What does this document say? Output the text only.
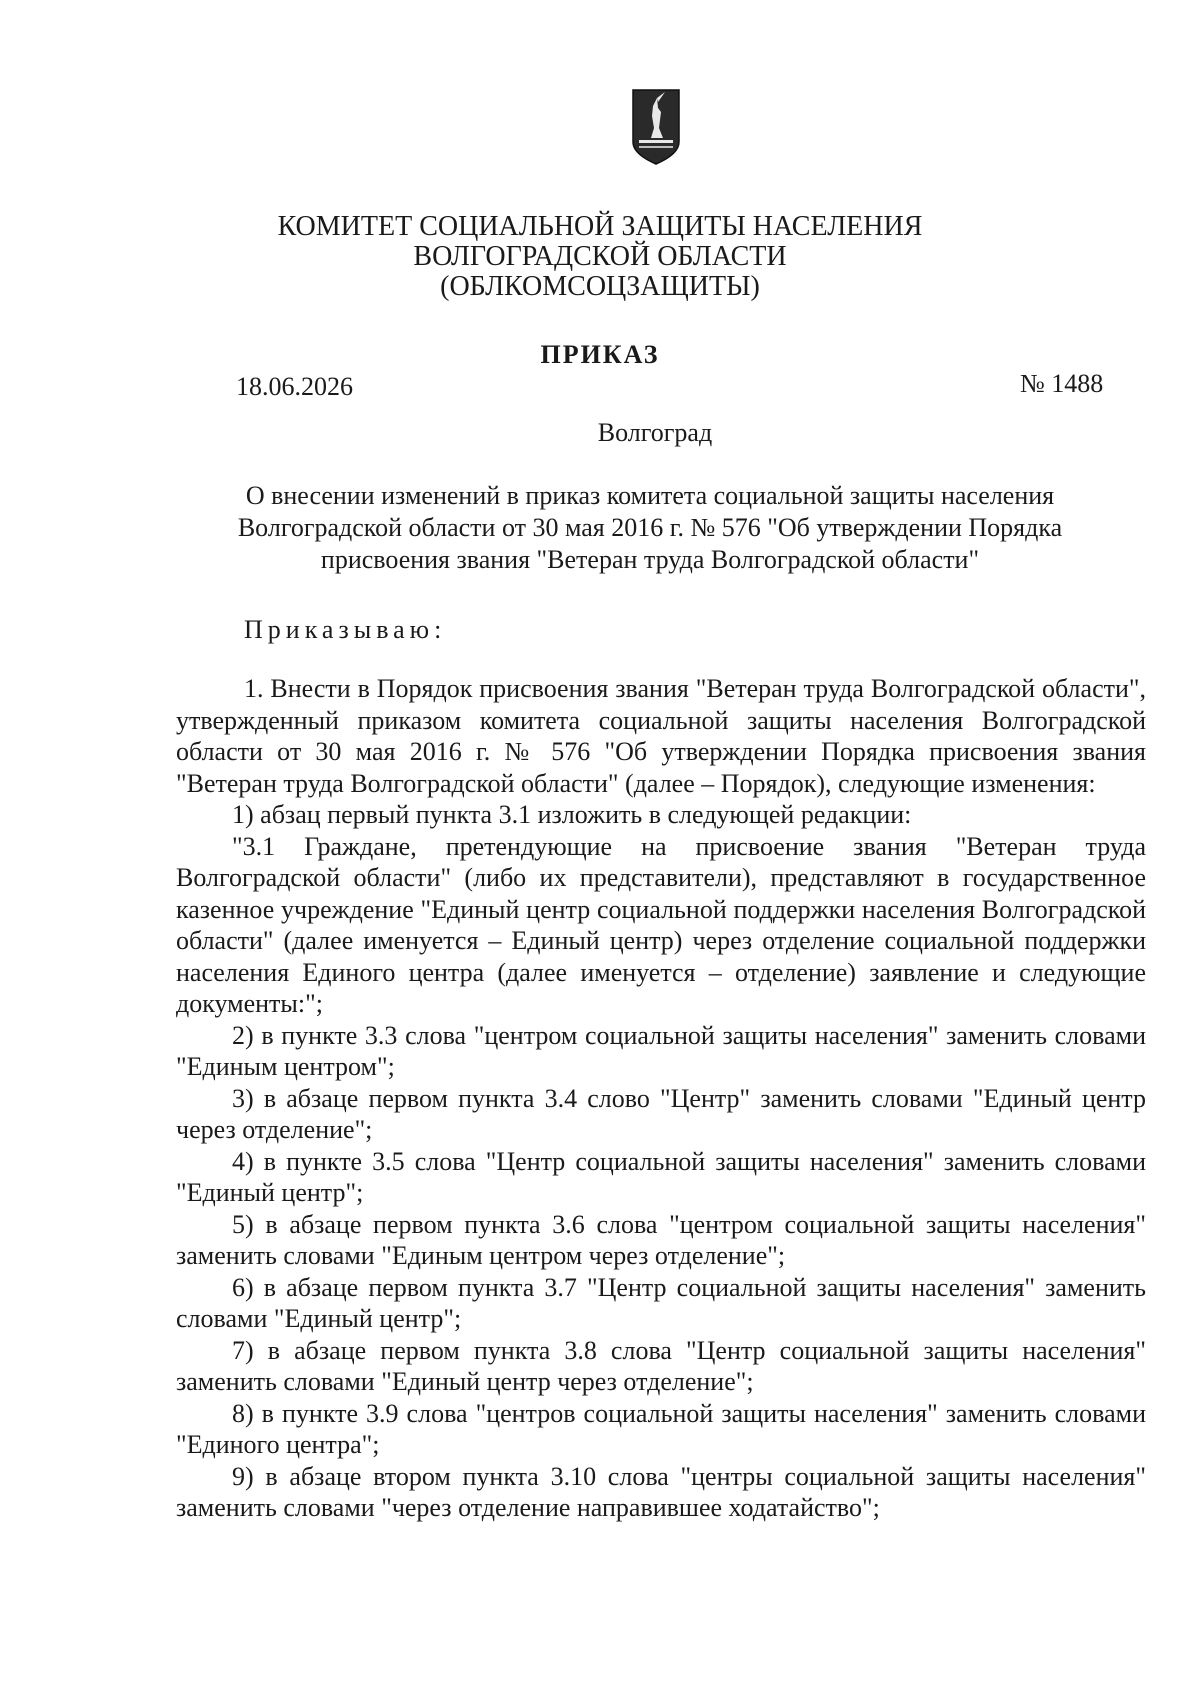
КОМИТЕТ СОЦИАЛЬНОЙ ЗАЩИТЫ НАСЕЛЕНИЯ
ВОЛГОГРАДСКОЙ ОБЛАСТИ
(ОБЛКОМСОЦЗАЩИТЫ)
ПРИКАЗ
18.06.2026	№ 1488
Волгоград
О внесении изменений в приказ комитета социальной защиты населения Волгоградской области от 30 мая 2016 г. № 576 "Об утверждении Порядка присвоения звания "Ветеран труда Волгоградской области"
Приказываю:

1. Внести в Порядок присвоения звания "Ветеран труда Волгоградской области", утвержденный приказом комитета социальной защиты населения Волгоградской области от 30 мая 2016 г. № 576 "Об утверждении Порядка присвоения звания "Ветеран труда Волгоградской области" (далее – Порядок), следующие изменения:

1) абзац первый пункта 3.1 изложить в следующей редакции:

"3.1 Граждане, претендующие на присвоение звания "Ветеран труда Волгоградской области" (либо их представители), представляют в государственное казенное учреждение "Единый центр социальной поддержки населения Волгоградской области" (далее именуется – Единый центр) через отделение социальной поддержки населения Единого центра (далее именуется – отделение) заявление и следующие документы:";

2) в пункте 3.3 слова "центром социальной защиты населения" заменить словами "Единым центром";

3) в абзаце первом пункта 3.4 слово "Центр" заменить словами "Единый центр через отделение";

4) в пункте 3.5 слова "Центр социальной защиты населения" заменить словами "Единый центр";

5) в абзаце первом пункта 3.6 слова "центром социальной защиты населения" заменить словами "Единым центром через отделение";

6) в абзаце первом пункта 3.7 "Центр социальной защиты населения" заменить словами "Единый центр";

7) в абзаце первом пункта 3.8 слова "Центр социальной защиты населения" заменить словами "Единый центр через отделение";

8) в пункте 3.9 слова "центров социальной защиты населения" заменить словами "Единого центра";

9) в абзаце втором пункта 3.10 слова "центры социальной защиты населения" заменить словами "через отделение направившее ходатайство";
